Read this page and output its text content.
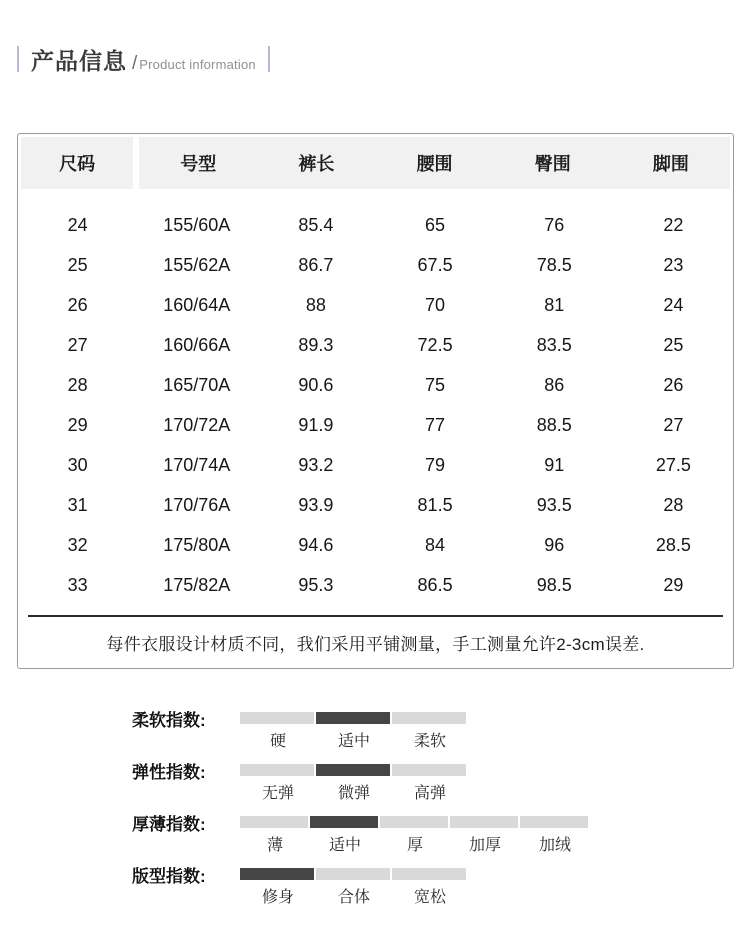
产品信息 / Product information
尺码	号型	裤长	腰围	臀围	脚围
24	155/60A	85.4	65	76	22
25	155/62A	86.7	67.5	78.5	23
26	160/64A	88	70	81	24
27	160/66A	89.3	72.5	83.5	25
28	165/70A	90.6	75	86	26
29	170/72A	91.9	77	88.5	27
30	170/74A	93.2	79	91	27.5
31	170/76A	93.9	81.5	93.5	28
32	175/80A	94.6	84	96	28.5
33	175/82A	95.3	86.5	98.5	29
每件衣服设计材质不同，我们采用平铺测量，手工测量允许2-3cm误差.
柔软指数:
硬	适中	柔软
弹性指数:
无弹	微弹	高弹
厚薄指数:
薄	适中	厚	加厚	加绒
版型指数:
修身	合体	宽松
